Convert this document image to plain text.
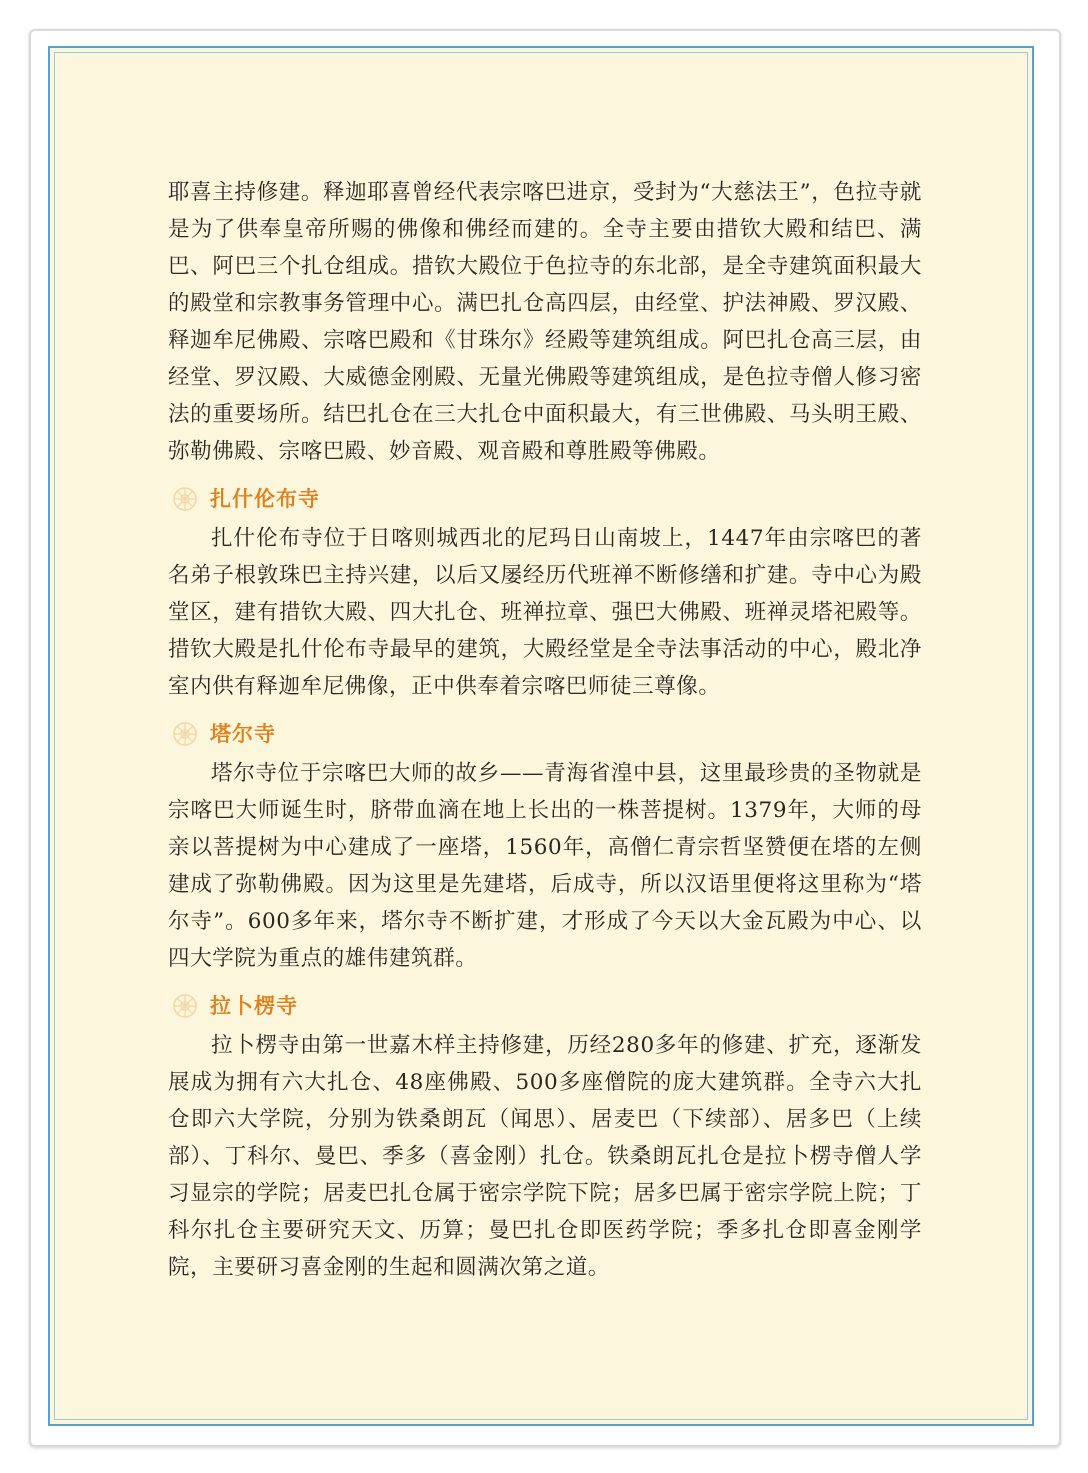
耶喜主持修建。释迦耶喜曾经代表宗喀巴进京，受封为“大慈法王”，色拉寺就是为了供奉皇帝所赐的佛像和佛经而建的。全寺主要由措钦大殿和结巴、满巴、阿巴三个扎仓组成。措钦大殿位于色拉寺的东北部，是全寺建筑面积最大的殿堂和宗教事务管理中心。满巴扎仓高四层，由经堂、护法神殿、罗汉殿、释迦牟尼佛殿、宗喀巴殿和《甘珠尔》经殿等建筑组成。阿巴扎仓高三层，由经堂、罗汉殿、大威德金刚殿、无量光佛殿等建筑组成，是色拉寺僧人修习密法的重要场所。结巴扎仓在三大扎仓中面积最大，有三世佛殿、马头明王殿、弥勒佛殿、宗喀巴殿、妙音殿、观音殿和尊胜殿等佛殿。

扎什伦布寺

扎什伦布寺位于日喀则城西北的尼玛日山南坡上，1447年由宗喀巴的著名弟子根敦珠巴主持兴建，以后又屡经历代班禅不断修缮和扩建。寺中心为殿堂区，建有措钦大殿、四大扎仓、班禅拉章、强巴大佛殿、班禅灵塔祀殿等。措钦大殿是扎什伦布寺最早的建筑，大殿经堂是全寺法事活动的中心，殿北净室内供有释迦牟尼佛像，正中供奉着宗喀巴师徒三尊像。

塔尔寺

塔尔寺位于宗喀巴大师的故乡——青海省湟中县，这里最珍贵的圣物就是宗喀巴大师诞生时，脐带血滴在地上长出的一株菩提树。1379年，大师的母亲以菩提树为中心建成了一座塔，1560年，高僧仁青宗哲坚赞便在塔的左侧建成了弥勒佛殿。因为这里是先建塔，后成寺，所以汉语里便将这里称为“塔尔寺”。600多年来，塔尔寺不断扩建，才形成了今天以大金瓦殿为中心、以四大学院为重点的雄伟建筑群。

拉卜楞寺

拉卜楞寺由第一世嘉木样主持修建，历经280多年的修建、扩充，逐渐发展成为拥有六大扎仓、48座佛殿、500多座僧院的庞大建筑群。全寺六大扎仓即六大学院，分别为铁桑朗瓦（闻思）、居麦巴（下续部）、居多巴（上续部）、丁科尔、曼巴、季多（喜金刚）扎仓。铁桑朗瓦扎仓是拉卜楞寺僧人学习显宗的学院；居麦巴扎仓属于密宗学院下院；居多巴属于密宗学院上院；丁科尔扎仓主要研究天文、历算；曼巴扎仓即医药学院；季多扎仓即喜金刚学院，主要研习喜金刚的生起和圆满次第之道。
